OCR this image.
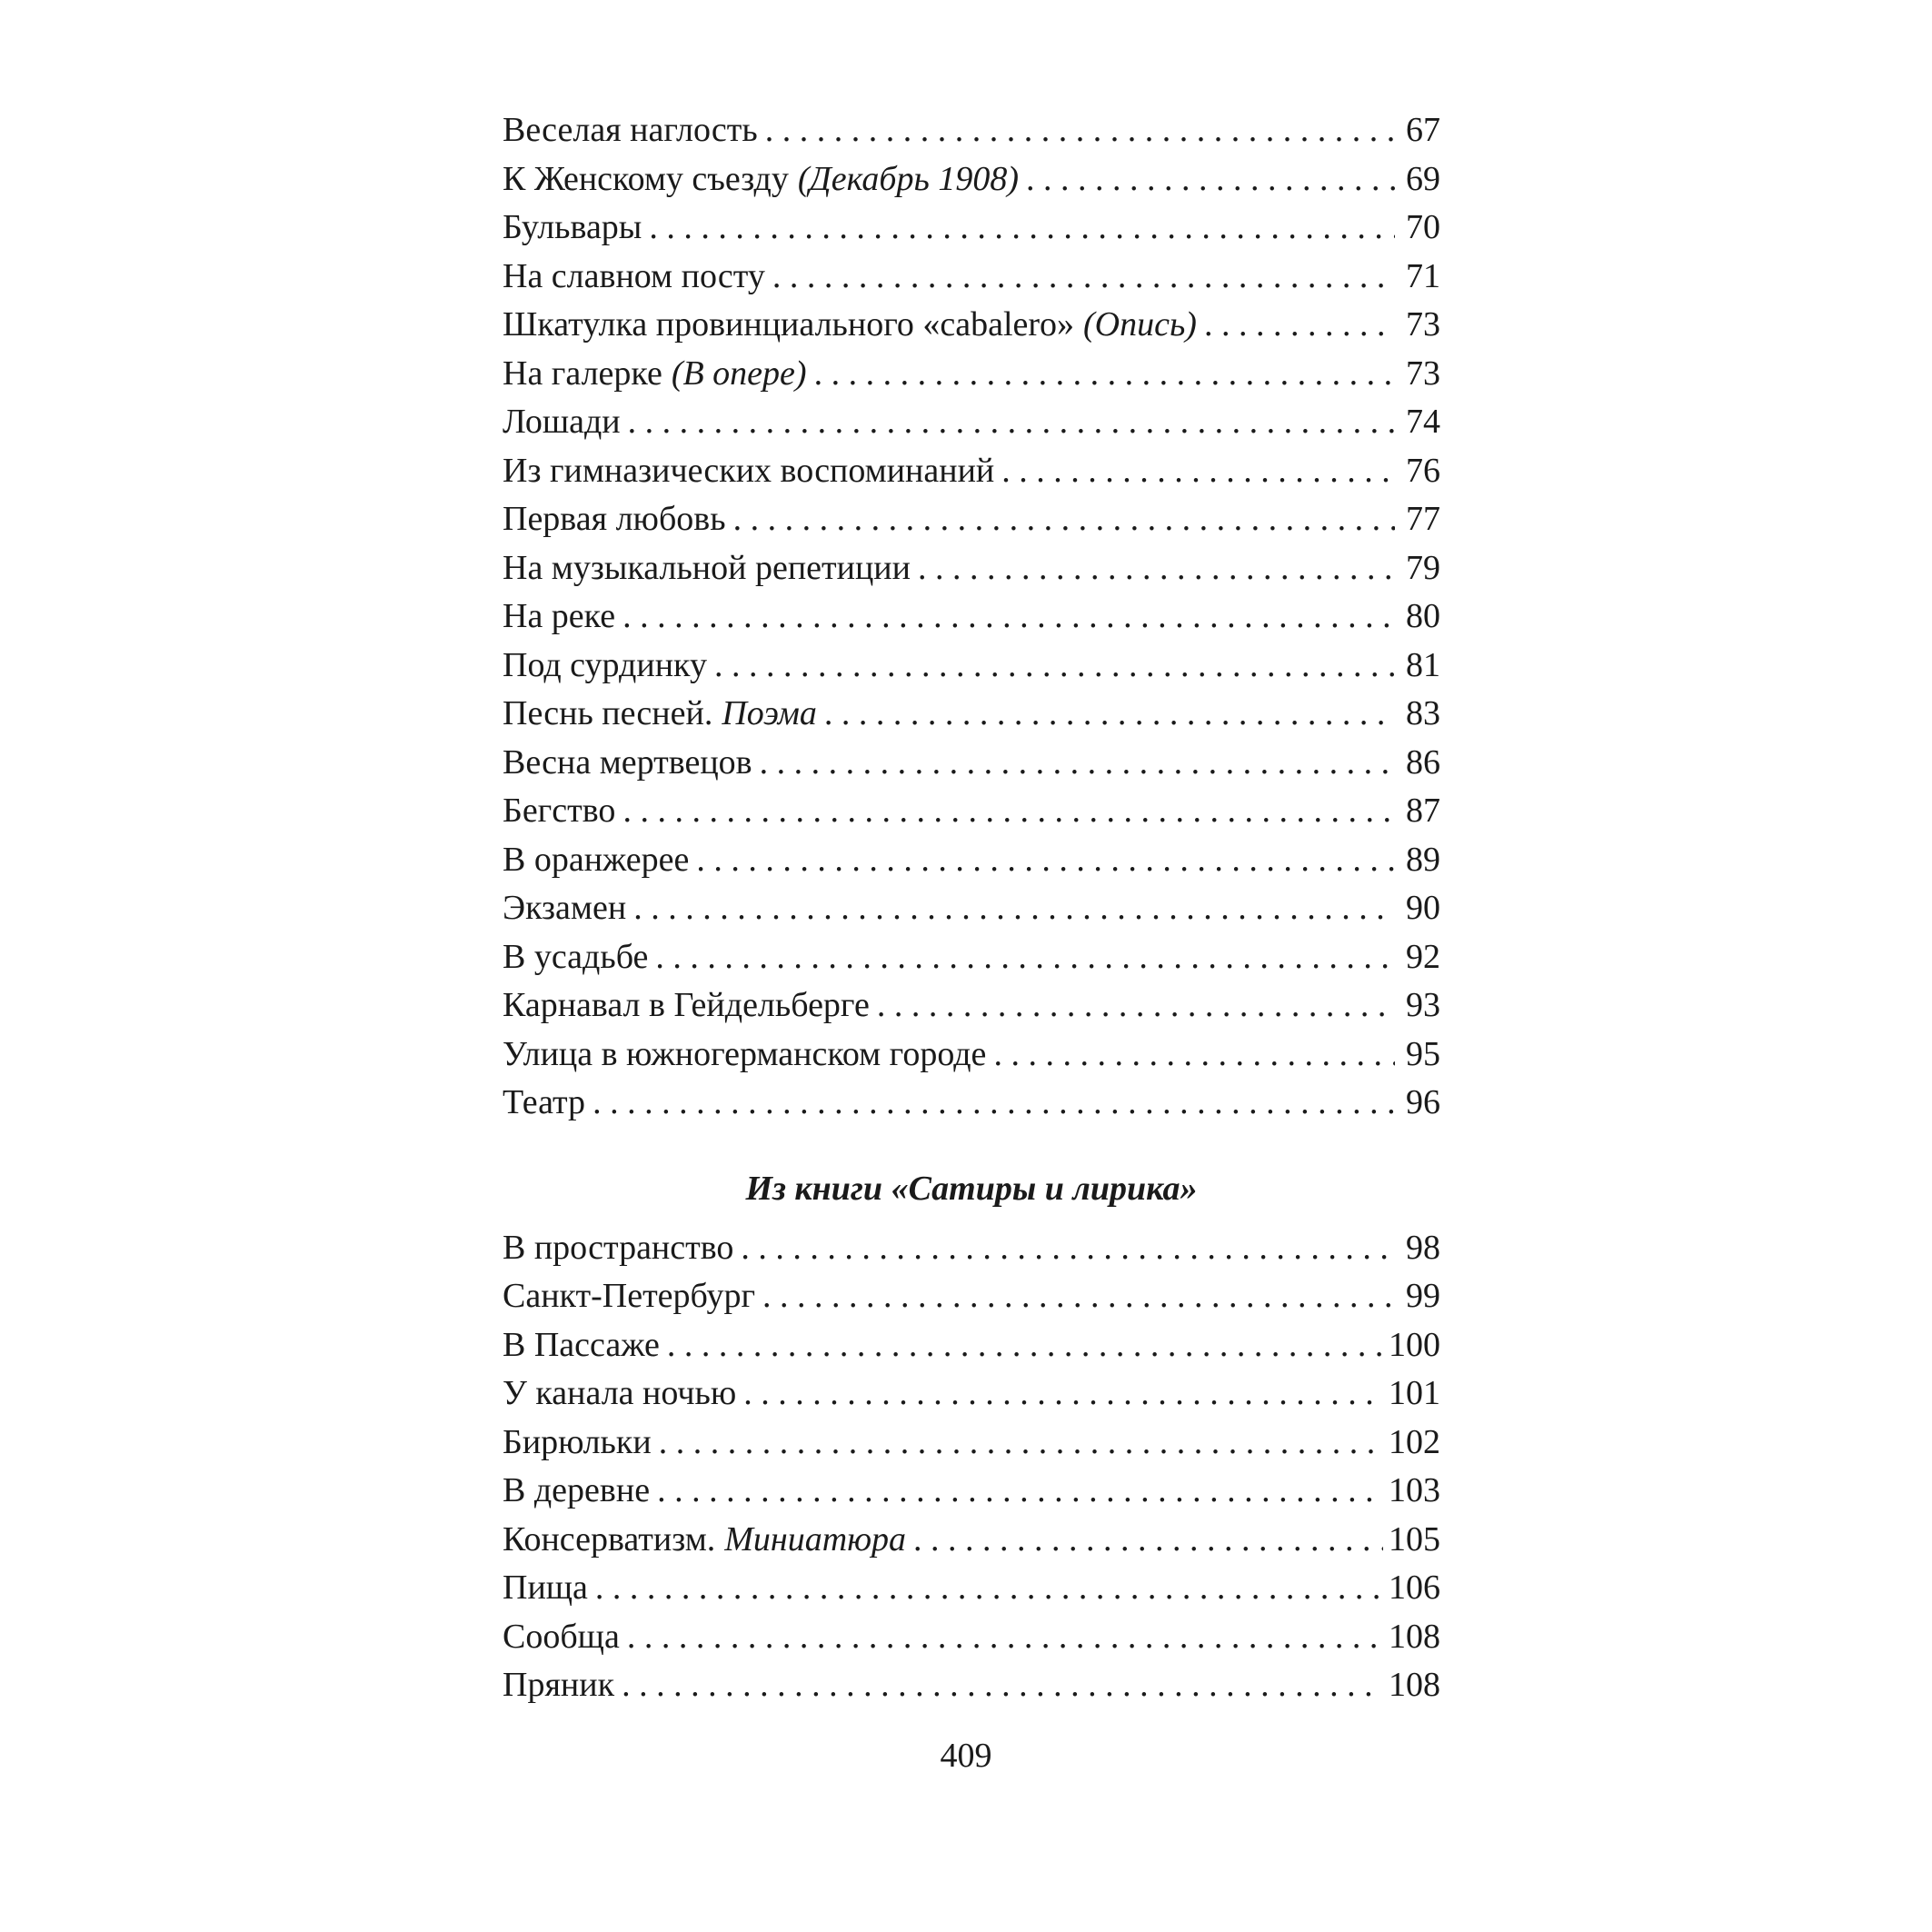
Веселая наглость . . .	67
К Женскому съезду (Декабрь 1908) . . .	69
Бульвары . . .	70
На славном посту . . .	71
Шкатулка провинциального «cabalero» (Опись) . . .	73
На галерке (В опере) . . .	73
Лошади . . .	74
Из гимназических воспоминаний . . .	76
Первая любовь . . .	77
На музыкальной репетиции . . .	79
На реке . . .	80
Под сурдинку . . .	81
Песнь песней. Поэма . . .	83
Весна мертвецов . . .	86
Бегство . . .	87
В оранжерее . . .	89
Экзамен . . .	90
В усадьбе . . .	92
Карнавал в Гейдельберге . . .	93
Улица в южногерманском городе . . .	95
Театр . . .	96
Из книги «Сатиры и лирика»
В пространство . . .	98
Санкт-Петербург . . .	99
В Пассаже . . .	100
У канала ночью . . .	101
Бирюльки . . .	102
В деревне . . .	103
Консерватизм. Миниатюра . . .	105
Пища . . .	106
Сообща . . .	108
Пряник . . .	108
409
